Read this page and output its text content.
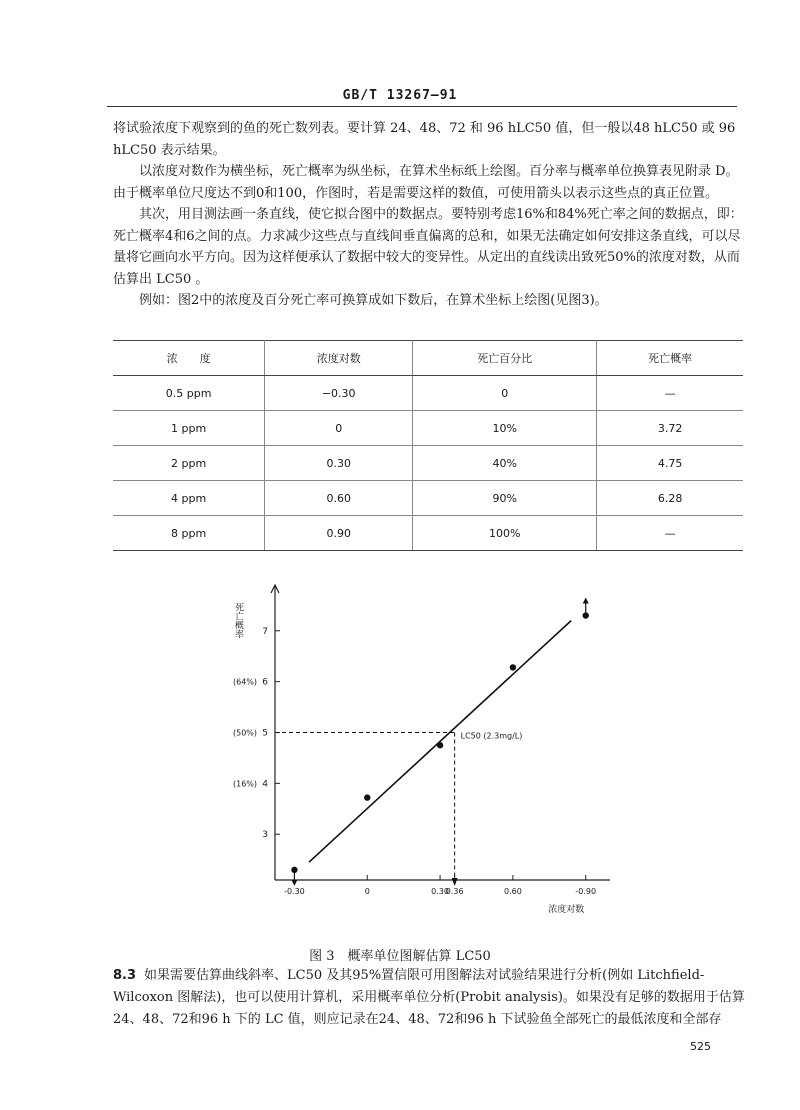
GB/T 13267—91

将试验浓度下观察到的鱼的死亡数列表。要计算 24、48、72 和 96 hLC50 值，但一般以48 hLC50 或 96 hLC50 表示结果。

以浓度对数作为横坐标，死亡概率为纵坐标，在算术坐标纸上绘图。百分率与概率单位换算表见附录 D。由于概率单位尺度达不到0和100，作图时，若是需要这样的数值，可使用箭头以表示这些点的真正位置。

其次，用目测法画一条直线，使它拟合图中的数据点。要特别考虑16%和84%死亡率之间的数据点，即：死亡概率4和6之间的点。力求减少这些点与直线间垂直偏离的总和，如果无法确定如何安排这条直线，可以尽量将它画向水平方向。因为这样便承认了数据中较大的变异性。从定出的直线读出致死50%的浓度对数，从而估算出 LC50 。

例如：图2中的浓度及百分死亡率可换算成如下数后，在算术坐标上绘图(见图3)。

浓　　度	浓度对数	死亡百分比	死亡概率
0.5 ppm	−0.30	0	—
1 ppm	0	10%	3.72
2 ppm	0.30	40%	4.75
4 ppm	0.60	90%	6.28
8 ppm	0.90	100%	—
3
4
5
6
7
(16%)
(50%)
(64%)
死亡概率
-0.30	0	0.30
0.36	0.60	-0.90
浓度对数
LC50 (2.3mg/L)
图 3　概率单位图解估算 LC50

8.3 如果需要估算曲线斜率、LC50 及其95%置信限可用图解法对试验结果进行分析(例如 Litchfield-Wilcoxon 图解法)，也可以使用计算机，采用概率单位分析(Probit analysis)。如果没有足够的数据用于估算24、48、72和96 h 下的 LC 值，则应记录在24、48、72和96 h 下试验鱼全部死亡的最低浓度和全部存

525
